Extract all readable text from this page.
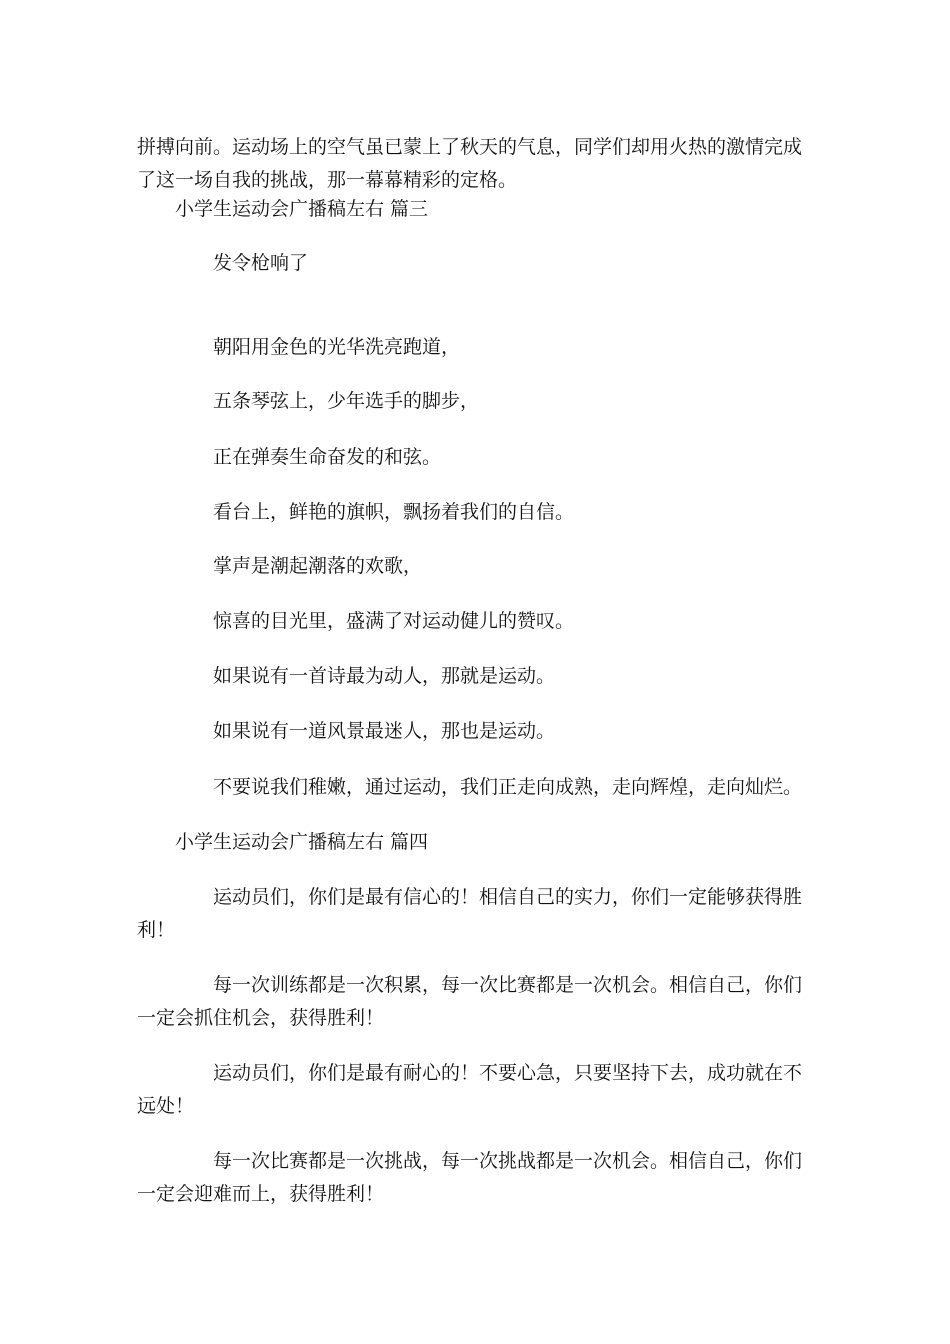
拼搏向前。运动场上的空气虽已蒙上了秋天的气息，同学们却用火热的激情完成了这一场自我的挑战，那一幕幕精彩的定格。

小学生运动会广播稿左右 篇三

发令枪响了

朝阳用金色的光华洗亮跑道，

五条琴弦上，少年选手的脚步，

正在弹奏生命奋发的和弦。

看台上，鲜艳的旗帜，飘扬着我们的自信。

掌声是潮起潮落的欢歌，

惊喜的目光里，盛满了对运动健儿的赞叹。

如果说有一首诗最为动人，那就是运动。

如果说有一道风景最迷人，那也是运动。

不要说我们稚嫩，通过运动，我们正走向成熟，走向辉煌，走向灿烂。

小学生运动会广播稿左右 篇四

运动员们，你们是最有信心的！相信自己的实力，你们一定能够获得胜利！

每一次训练都是一次积累，每一次比赛都是一次机会。相信自己，你们一定会抓住机会，获得胜利！

运动员们，你们是最有耐心的！不要心急，只要坚持下去，成功就在不远处！

每一次比赛都是一次挑战，每一次挑战都是一次机会。相信自己，你们一定会迎难而上，获得胜利！
